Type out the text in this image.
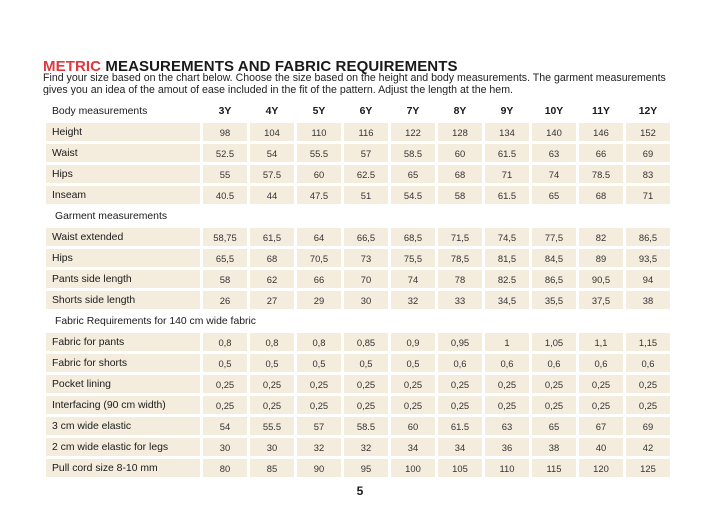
METRIC MEASUREMENTS AND FABRIC REQUIREMENTS
Find your size based on the chart below. Choose the size based on the height and body measurements. The garment measurements gives you an idea of the amout of ease included in the fit of the pattern. Adjust the length at the hem.
Body measurements	3Y	4Y	5Y	6Y	7Y	8Y	9Y	10Y	11Y	12Y
Height	98	104	110	116	122	128	134	140	146	152
Waist	52.5	54	55.5	57	58.5	60	61.5	63	66	69
Hips	55	57.5	60	62.5	65	68	71	74	78.5	83
Inseam	40.5	44	47.5	51	54.5	58	61.5	65	68	71
Garment measurements										
Waist extended	58,75	61,5	64	66,5	68,5	71,5	74,5	77,5	82	86,5
Hips	65,5	68	70,5	73	75,5	78,5	81,5	84,5	89	93,5
Pants side length	58	62	66	70	74	78	82.5	86,5	90,5	94
Shorts side length	26	27	29	30	32	33	34,5	35,5	37,5	38
Fabric Requirements for 140 cm wide fabric										
Fabric for pants	0,8	0,8	0,8	0,85	0,9	0,95	1	1,05	1,1	1,15
Fabric for shorts	0,5	0,5	0,5	0,5	0,5	0,6	0,6	0,6	0,6	0,6
Pocket lining	0,25	0,25	0,25	0,25	0,25	0,25	0,25	0,25	0,25	0,25
Interfacing (90 cm width)	0,25	0,25	0,25	0,25	0,25	0,25	0,25	0,25	0,25	0,25
3 cm wide elastic	54	55.5	57	58.5	60	61.5	63	65	67	69
2 cm wide elastic for legs	30	30	32	32	34	34	36	38	40	42
Pull cord size 8-10 mm	80	85	90	95	100	105	110	115	120	125
5
